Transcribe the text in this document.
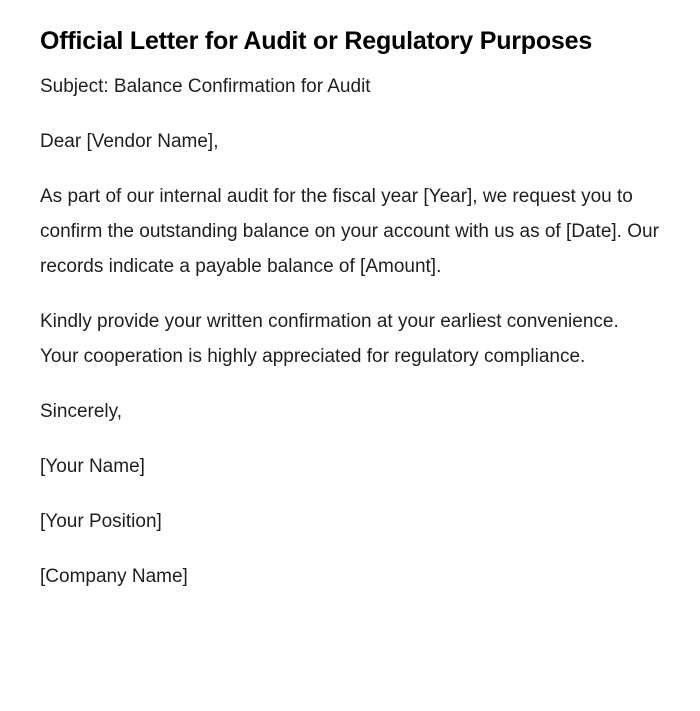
Official Letter for Audit or Regulatory Purposes

Subject: Balance Confirmation for Audit

Dear [Vendor Name],

As part of our internal audit for the fiscal year [Year], we request you to confirm the outstanding balance on your account with us as of [Date]. Our records indicate a payable balance of [Amount].

Kindly provide your written confirmation at your earliest convenience. Your cooperation is highly appreciated for regulatory compliance.

Sincerely,

[Your Name]

[Your Position]

[Company Name]
